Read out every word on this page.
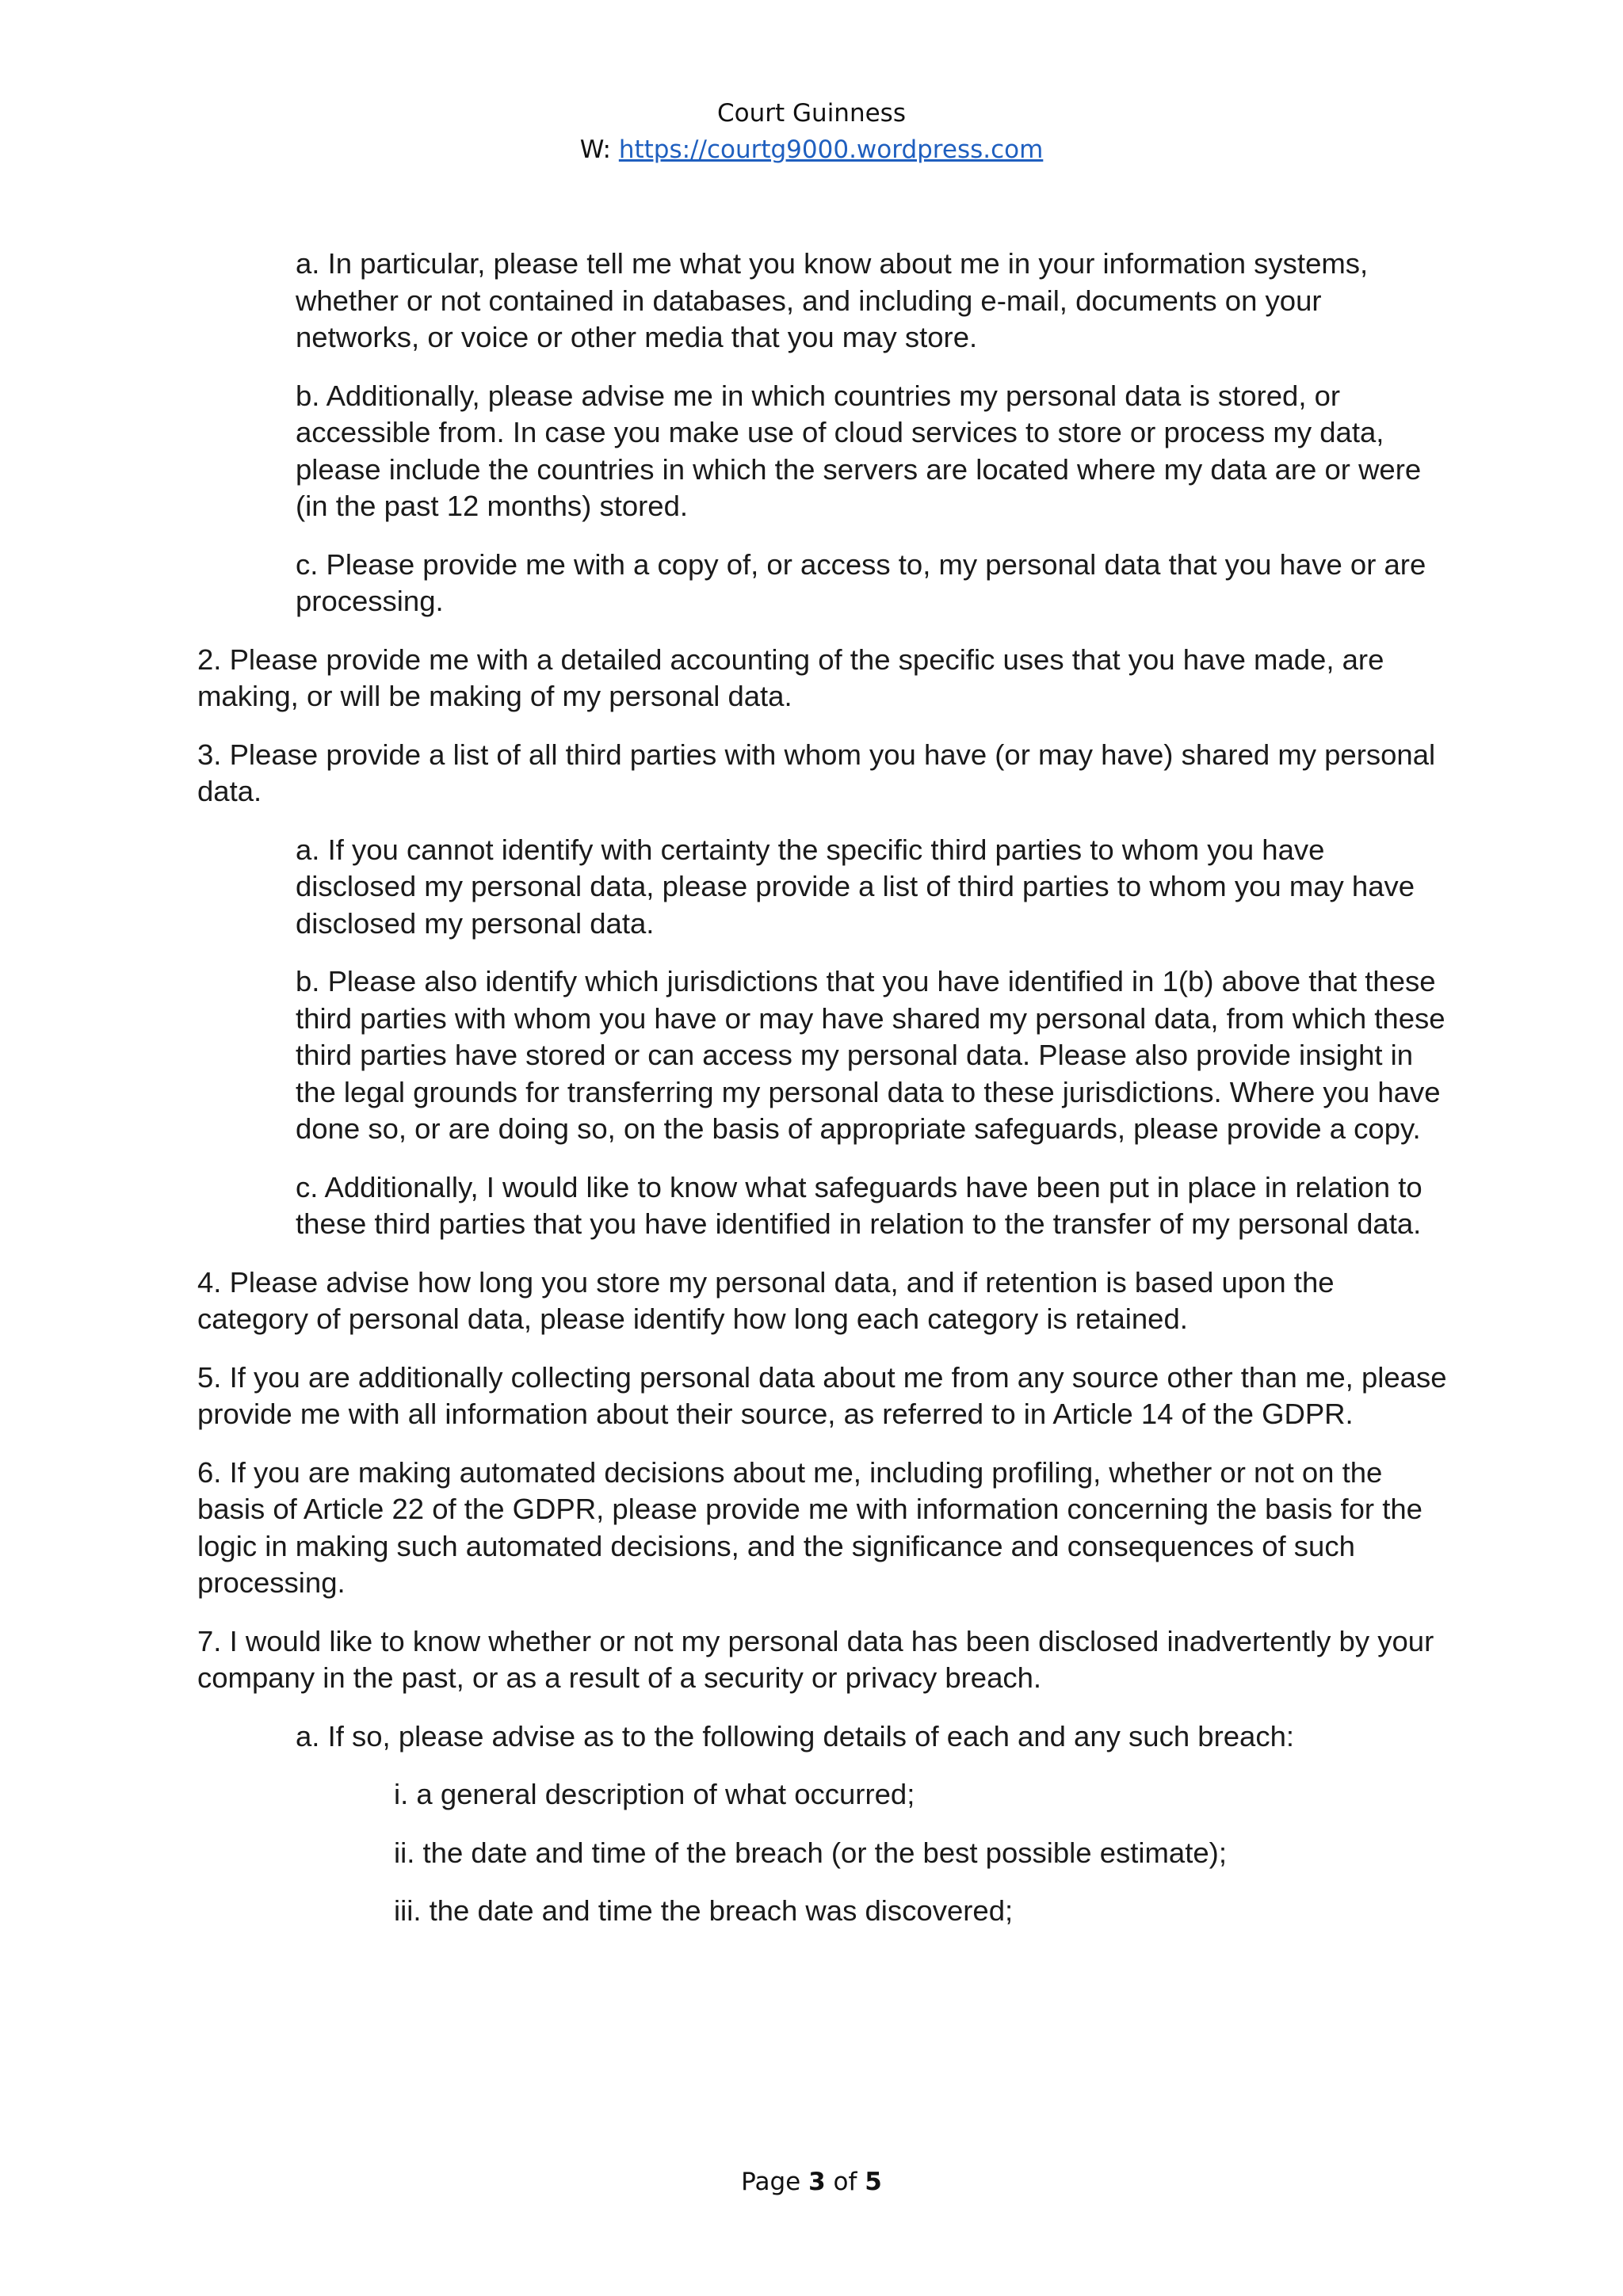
Court Guinness
W: https://courtg9000.wordpress.com

a. In particular, please tell me what you know about me in your information systems, whether or not contained in databases, and including e-mail, documents on your networks, or voice or other media that you may store.

b. Additionally, please advise me in which countries my personal data is stored, or accessible from. In case you make use of cloud services to store or process my data, please include the countries in which the servers are located where my data are or were (in the past 12 months) stored.

c. Please provide me with a copy of, or access to, my personal data that you have or are processing.

2. Please provide me with a detailed accounting of the specific uses that you have made, are making, or will be making of my personal data.

3. Please provide a list of all third parties with whom you have (or may have) shared my personal data.

a. If you cannot identify with certainty the specific third parties to whom you have disclosed my personal data, please provide a list of third parties to whom you may have disclosed my personal data.

b. Please also identify which jurisdictions that you have identified in 1(b) above that these third parties with whom you have or may have shared my personal data, from which these third parties have stored or can access my personal data. Please also provide insight in the legal grounds for transferring my personal data to these jurisdictions. Where you have done so, or are doing so, on the basis of appropriate safeguards, please provide a copy.

c. Additionally, I would like to know what safeguards have been put in place in relation to these third parties that you have identified in relation to the transfer of my personal data.

4. Please advise how long you store my personal data, and if retention is based upon the category of personal data, please identify how long each category is retained.

5. If you are additionally collecting personal data about me from any source other than me, please provide me with all information about their source, as referred to in Article 14 of the GDPR.

6. If you are making automated decisions about me, including profiling, whether or not on the basis of Article 22 of the GDPR, please provide me with information concerning the basis for the logic in making such automated decisions, and the significance and consequences of such processing.

7. I would like to know whether or not my personal data has been disclosed inadvertently by your company in the past, or as a result of a security or privacy breach.

a. If so, please advise as to the following details of each and any such breach:

i. a general description of what occurred;

ii. the date and time of the breach (or the best possible estimate);

iii. the date and time the breach was discovered;

Page 3 of 5
